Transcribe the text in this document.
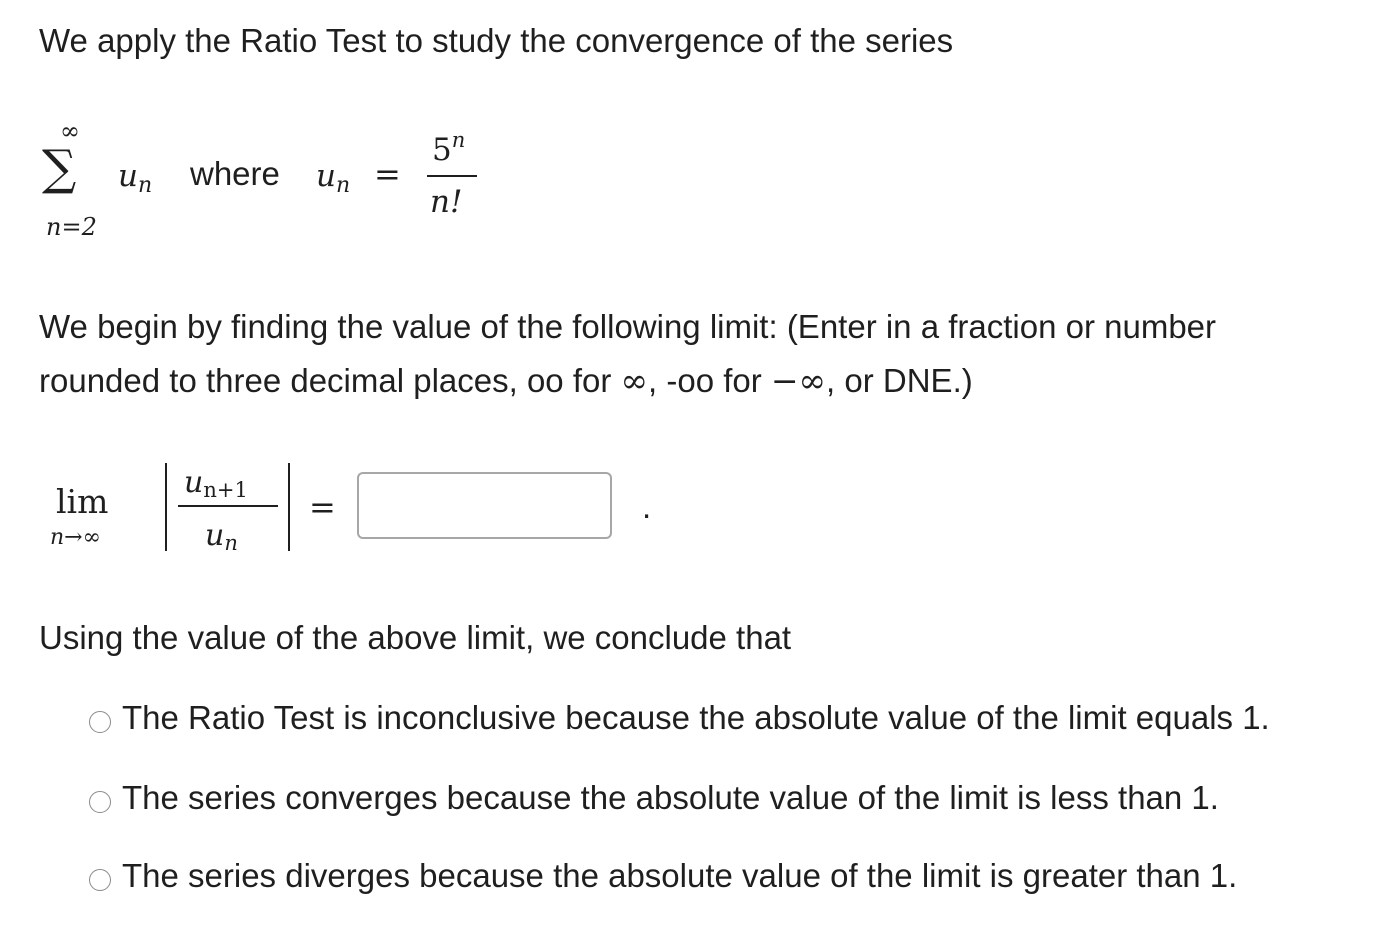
We apply the Ratio Test to study the convergence of the series
∞
∑
n=2
$u_n$ where $u_n$ =
$5^n$
n!
We begin by finding the value of the following limit: (Enter in a fraction or number
rounded to three decimal places, oo for ∞, -oo for −∞, or DNE.)
lim
n→∞
$u_{n+1}$
$u_n$
=	.
Using the value of the above limit, we conclude that
The Ratio Test is inconclusive because the absolute value of the limit equals 1.
The series converges because the absolute value of the limit is less than 1.
The series diverges because the absolute value of the limit is greater than 1.
